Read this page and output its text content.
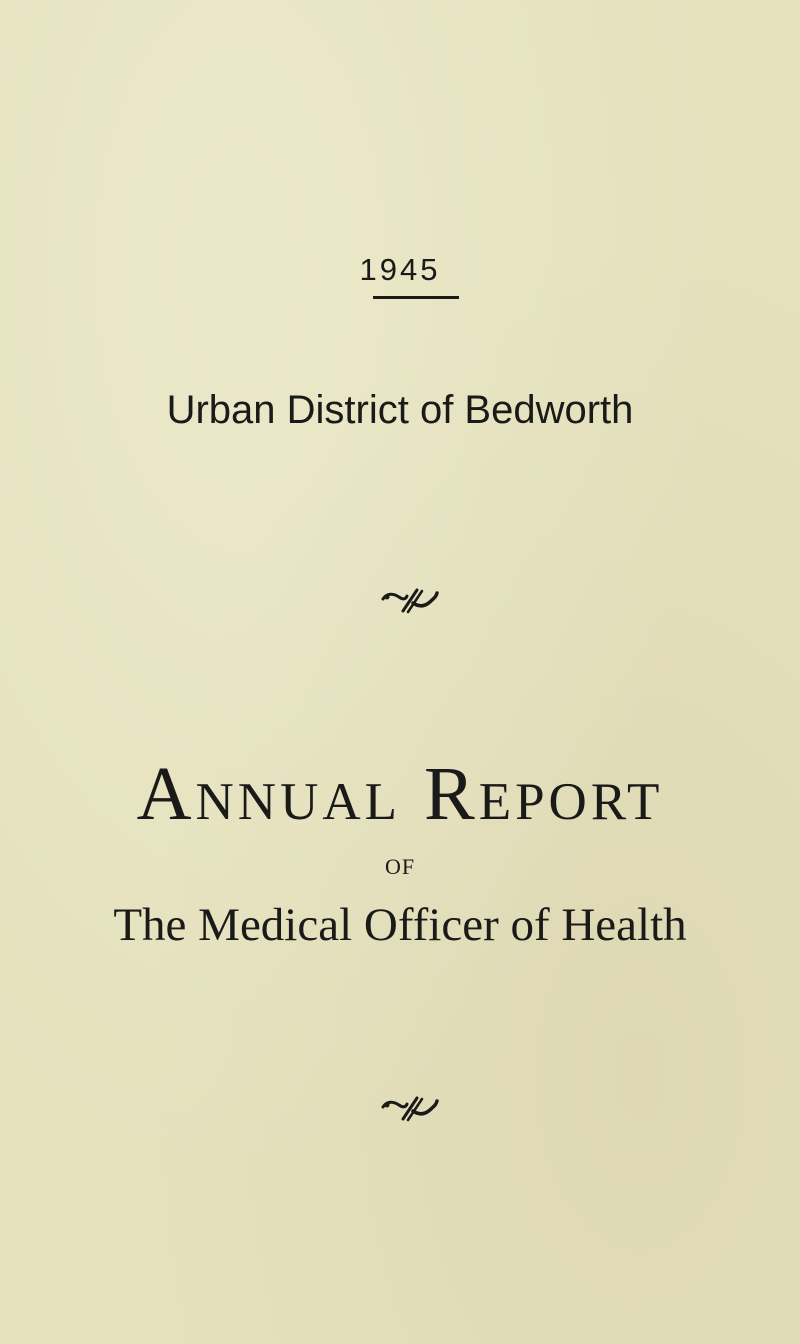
1945
Urban District of Bedworth
Annual Report
OF
The Medical Officer of Health
